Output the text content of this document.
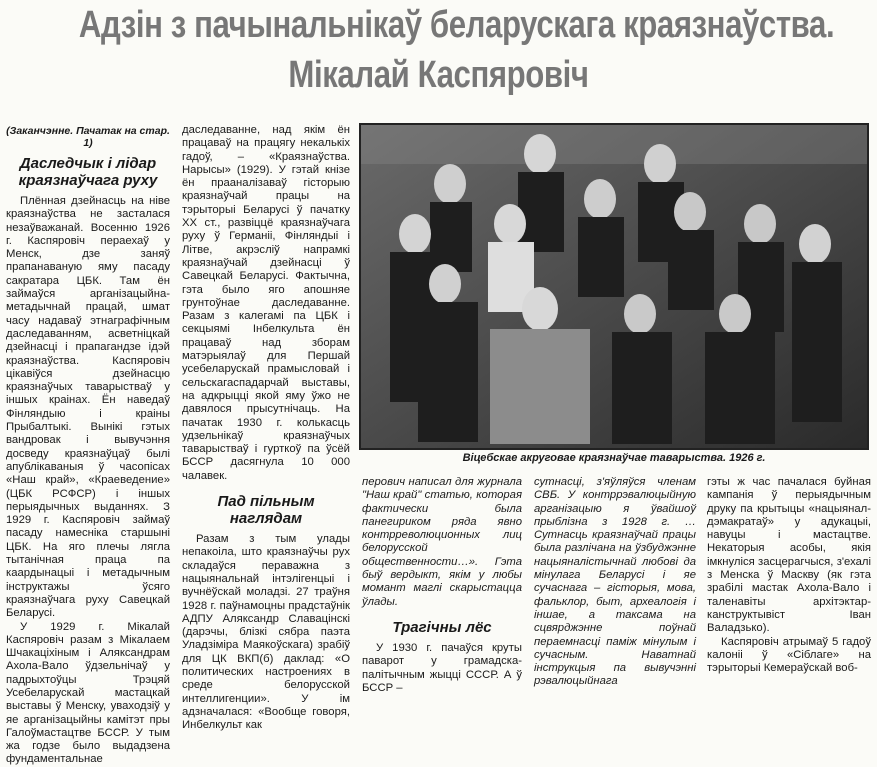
Адзін з пачынальнікаў беларускага краязнаўства.
Мікалай Каспяровіч
(Заканчэнне. Пачатак на стар. 1)
Даследчык і лідар краязнаўчага руху

Плённая дзейнасць на ніве краязнаўства не засталася незаўважанай. Восенню 1926 г. Каспяровіч пераехаў у Менск, дзе заняў прапанаваную яму пасаду сакратара ЦБК. Там ён займаўся арганізацыйна-метадычнай працай, шмат часу надаваў этнаграфічным даследаванням, асветніцкай дзейнасці і прапагандзе ідэй краязнаўства. Каспяровіч цікавіўся дзейнасцю краязнаўчых таварыстваў у іншых краінах. Ён наведаў Фінляндыю і краіны Прыбалтыкі. Вынікі гэтых вандровак і вывучэння досведу краязнаўцаў былі апублікаваныя ў часопісах «Наш край», «Краеведение» (ЦБК РСФСР) і іншых перыядычных выданнях. З 1929 г. Каспяровіч займаў пасаду намесніка старшыні ЦБК. На яго плечы лягла тытанічная праца па каардынацыі і метадычным інструктажы ўсяго краязнаўчага руху Савецкай Беларусі.

У 1929 г. Мікалай Каспяровіч разам з Мікалаем Шчакаціхіным і Аляксандрам Ахола-Вало ўдзельнічаў у падрыхтоўцы Трэцяй Усебеларускай мастацкай выставы ў Менску, уваходзіў у яе арганізацыйны камітэт пры Галоўмастацтве БССР. У тым жа годзе было выдадзена фундаментальнае

даследаванне, над якім ён працаваў на працягу некалькіх гадоў, – «Краязнаўства. Нарысы» (1929). У гэтай кнізе ён прааналізаваў гісторыю краязнаўчай працы на тэрыторыі Беларусі ў пачатку XX ст., развіццё краязнаўчага руху ў Германіі, Фінляндыі і Літве, акрэсліў напрамкі краязнаўчай дзейнасці ў Савецкай Беларусі. Фактычна, гэта было яго апошняе грунтоўнае даследаванне. Разам з калегамі па ЦБК і секцыямі Інбелкульта ён працаваў над зборам матэрыялаў для Першай усебеларускай прамысловай і сельскагаспадарчай выставы, на адкрыцці якой яму ўжо не давялося прысутнічаць. На пачатак 1930 г. колькасць удзельнікаў краязнаўчых таварыстваў і гурткоў па ўсёй БССР дасягнула 10 000 чалавек.

Пад пільным наглядам

Разам з тым улады непакоіла, што краязнаўчы рух складаўся пераважна з нацыянальнай інтэлігенцыі і вучнёўскай моладзі. 27 траўня 1928 г. паўнамоцны прадстаўнік АДПУ Аляксандр Славацінскі (дарэчы, блізкі сябра паэта Уладзіміра Маякоўскага) зрабіў для ЦК ВКП(б) даклад: «О политических настроениях в среде белорусской интеллигенции». У ім адзначалася: «Вообще говоря, Инбелкульт как

Віцебскае акруговае краязнаўчае таварыства. 1926 г.

перович написал для журнала "Наш край" статью, которая фактически была панегириком ряда явно контрреволюционных лиц белорусской общественности…». Гэта быў вердыкт, якім у любы момант маглі скарыстацца ўлады.

Трагічны лёс

У 1930 г. пачаўся круты паварот у грамадска-палітычным жыцці СССР. А ў БССР –

сутнасці, з'яўляўся членам СВБ. У контррэвалюцыйную арганізацыю я ўвайшоў прыблізна з 1928 г. …Сутнасць краязнаўчай працы была разлічана на ўзбуджэнне нацыяналістычнай любові да мінулага Беларусі і яе сучаснага – гісторыя, мова, фальклор, быт, археалогія і іншае, а таксама на сцвярджэнне поўнай пераемнасці паміж мінулым і сучасным. Наватнай інструкцыя па вывучэнні рэвалюцыйнага

гэты ж час пачалася буйная кампанія ў перыядычным друку па крытыцы «нацыянал-дэмакратаў» у адукацыі, навуцы і мастацтве. Некаторыя асобы, якія імкнуліся засцерагчыся, з'ехалі з Менска ў Маскву (як гэта зрабілі мастак Ахола-Вало і таленавіты архітэктар-канструктывіст Іван Валадзько).

Каспяровіч атрымаў 5 гадоў калоніі ў «Сіблаге» на тэрыторыі Кемераўскай воб-
